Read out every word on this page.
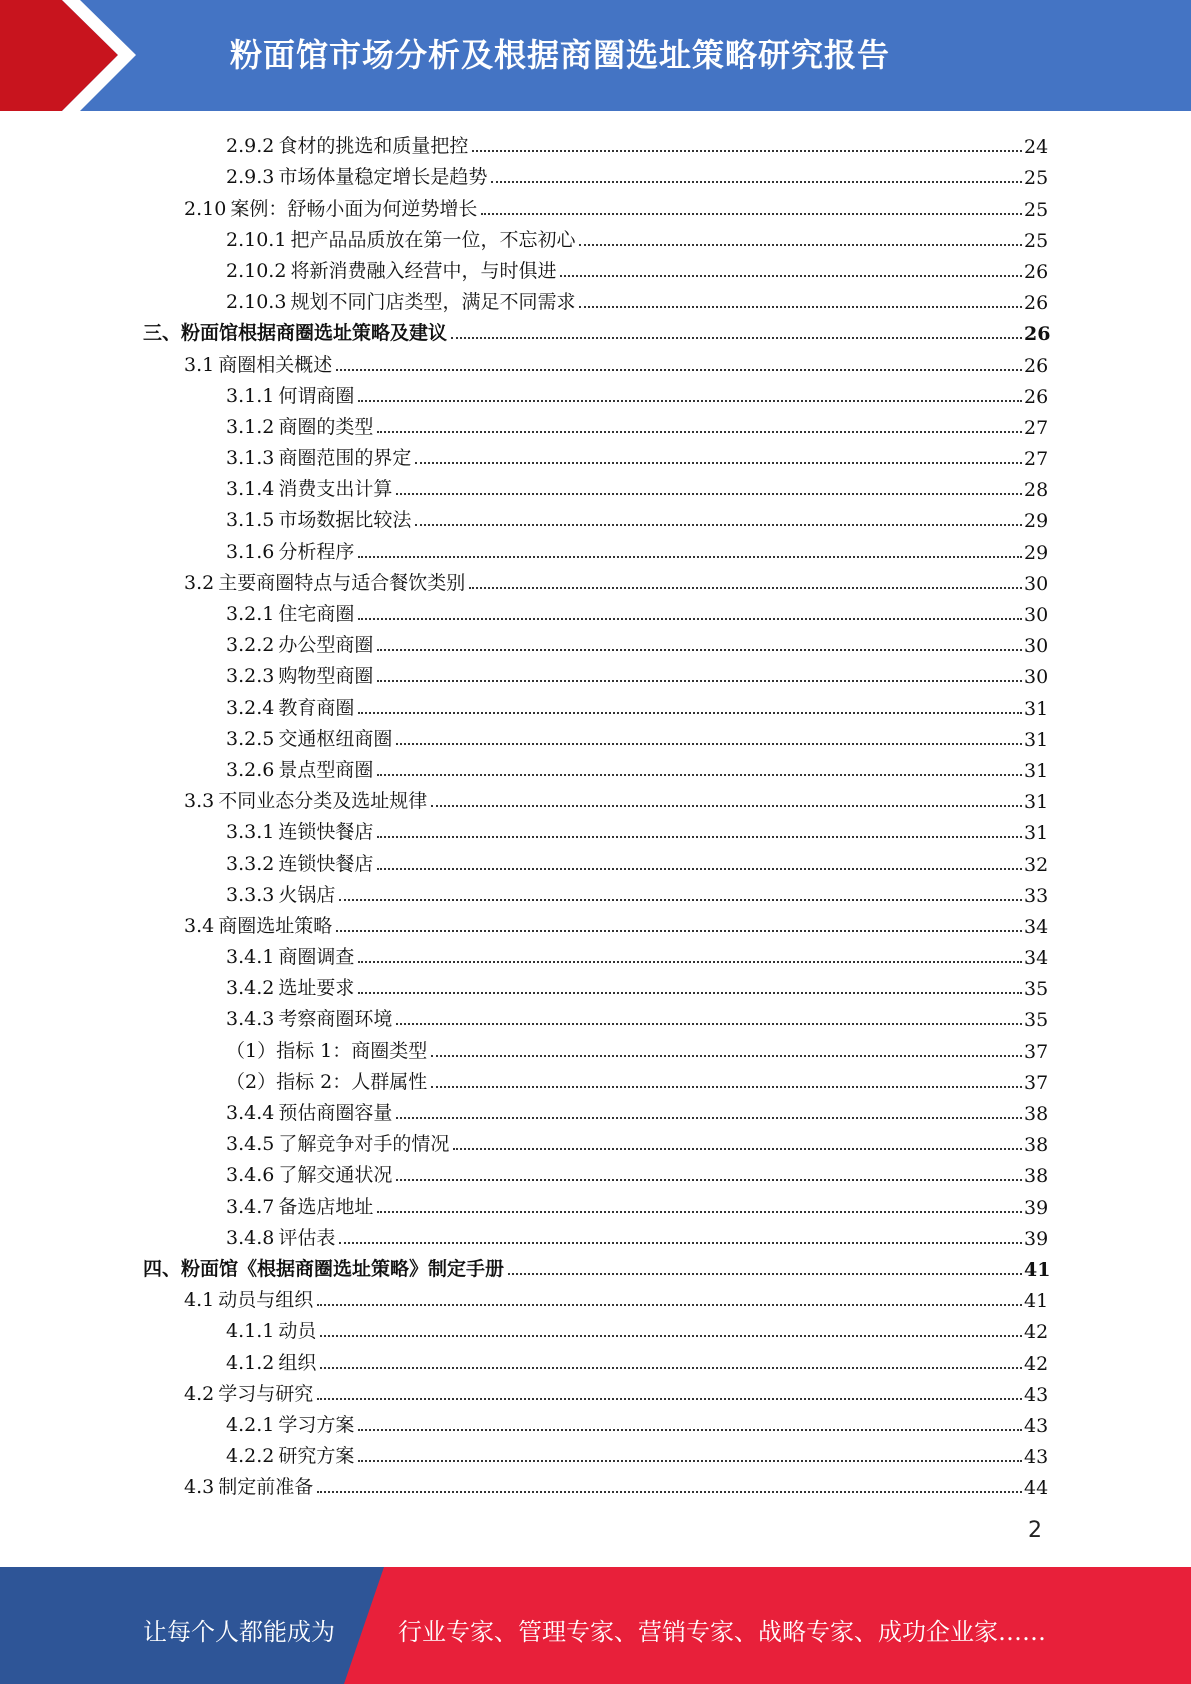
粉面馆市场分析及根据商圈选址策略研究报告
2.9.2 食材的挑选和质量把控	24
2.9.3 市场体量稳定增长是趋势	25
2.10 案例：舒畅小面为何逆势增长	25
2.10.1 把产品品质放在第一位，不忘初心	25
2.10.2 将新消费融入经营中，与时俱进	26
2.10.3 规划不同门店类型，满足不同需求	26
三、粉面馆根据商圈选址策略及建议	26
3.1 商圈相关概述	26
3.1.1 何谓商圈	26
3.1.2 商圈的类型	27
3.1.3 商圈范围的界定	27
3.1.4 消费支出计算	28
3.1.5 市场数据比较法	29
3.1.6 分析程序	29
3.2 主要商圈特点与适合餐饮类别	30
3.2.1 住宅商圈	30
3.2.2 办公型商圈	30
3.2.3 购物型商圈	30
3.2.4 教育商圈	31
3.2.5 交通枢纽商圈	31
3.2.6 景点型商圈	31
3.3 不同业态分类及选址规律	31
3.3.1 连锁快餐店	31
3.3.2 连锁快餐店	32
3.3.3 火锅店	33
3.4 商圈选址策略	34
3.4.1 商圈调查	34
3.4.2 选址要求	35
3.4.3 考察商圈环境	35
（1）指标 1：商圈类型	37
（2）指标 2：人群属性	37
3.4.4 预估商圈容量	38
3.4.5 了解竞争对手的情况	38
3.4.6 了解交通状况	38
3.4.7 备选店地址	39
3.4.8 评估表	39
四、粉面馆《根据商圈选址策略》制定手册	41
4.1 动员与组织	41
4.1.1 动员	42
4.1.2 组织	42
4.2 学习与研究	43
4.2.1 学习方案	43
4.2.2 研究方案	43
4.3 制定前准备	44
2
让每个人都能成为	行业专家、管理专家、营销专家、战略专家、成功企业家……
